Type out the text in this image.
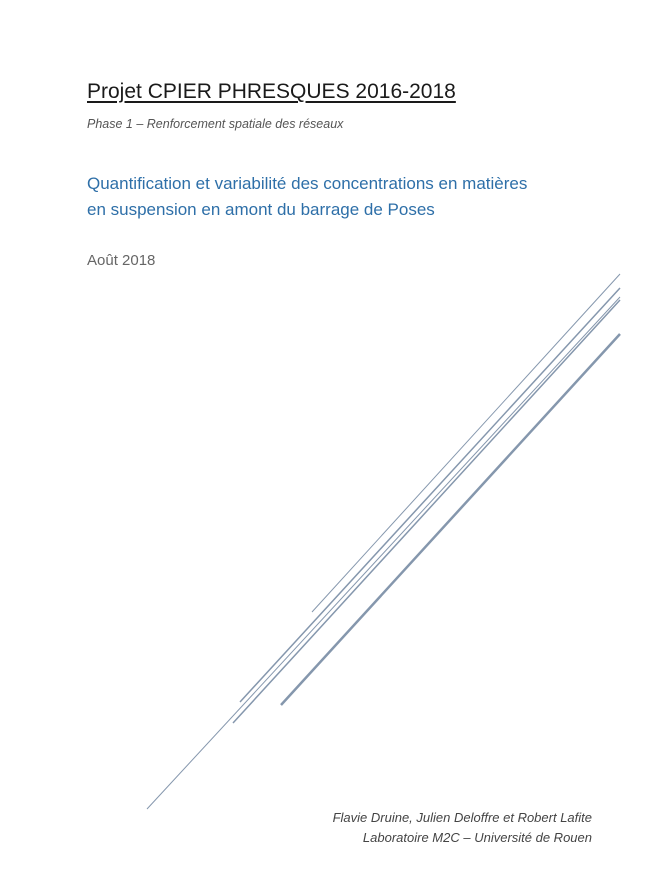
Projet CPIER PHRESQUES 2016-2018
Phase 1 – Renforcement spatiale des réseaux
Quantification et variabilité des concentrations en matières
en suspension en amont du barrage de Poses
Août 2018
Flavie Druine, Julien Deloffre et Robert Lafite
Laboratoire M2C – Université de Rouen
